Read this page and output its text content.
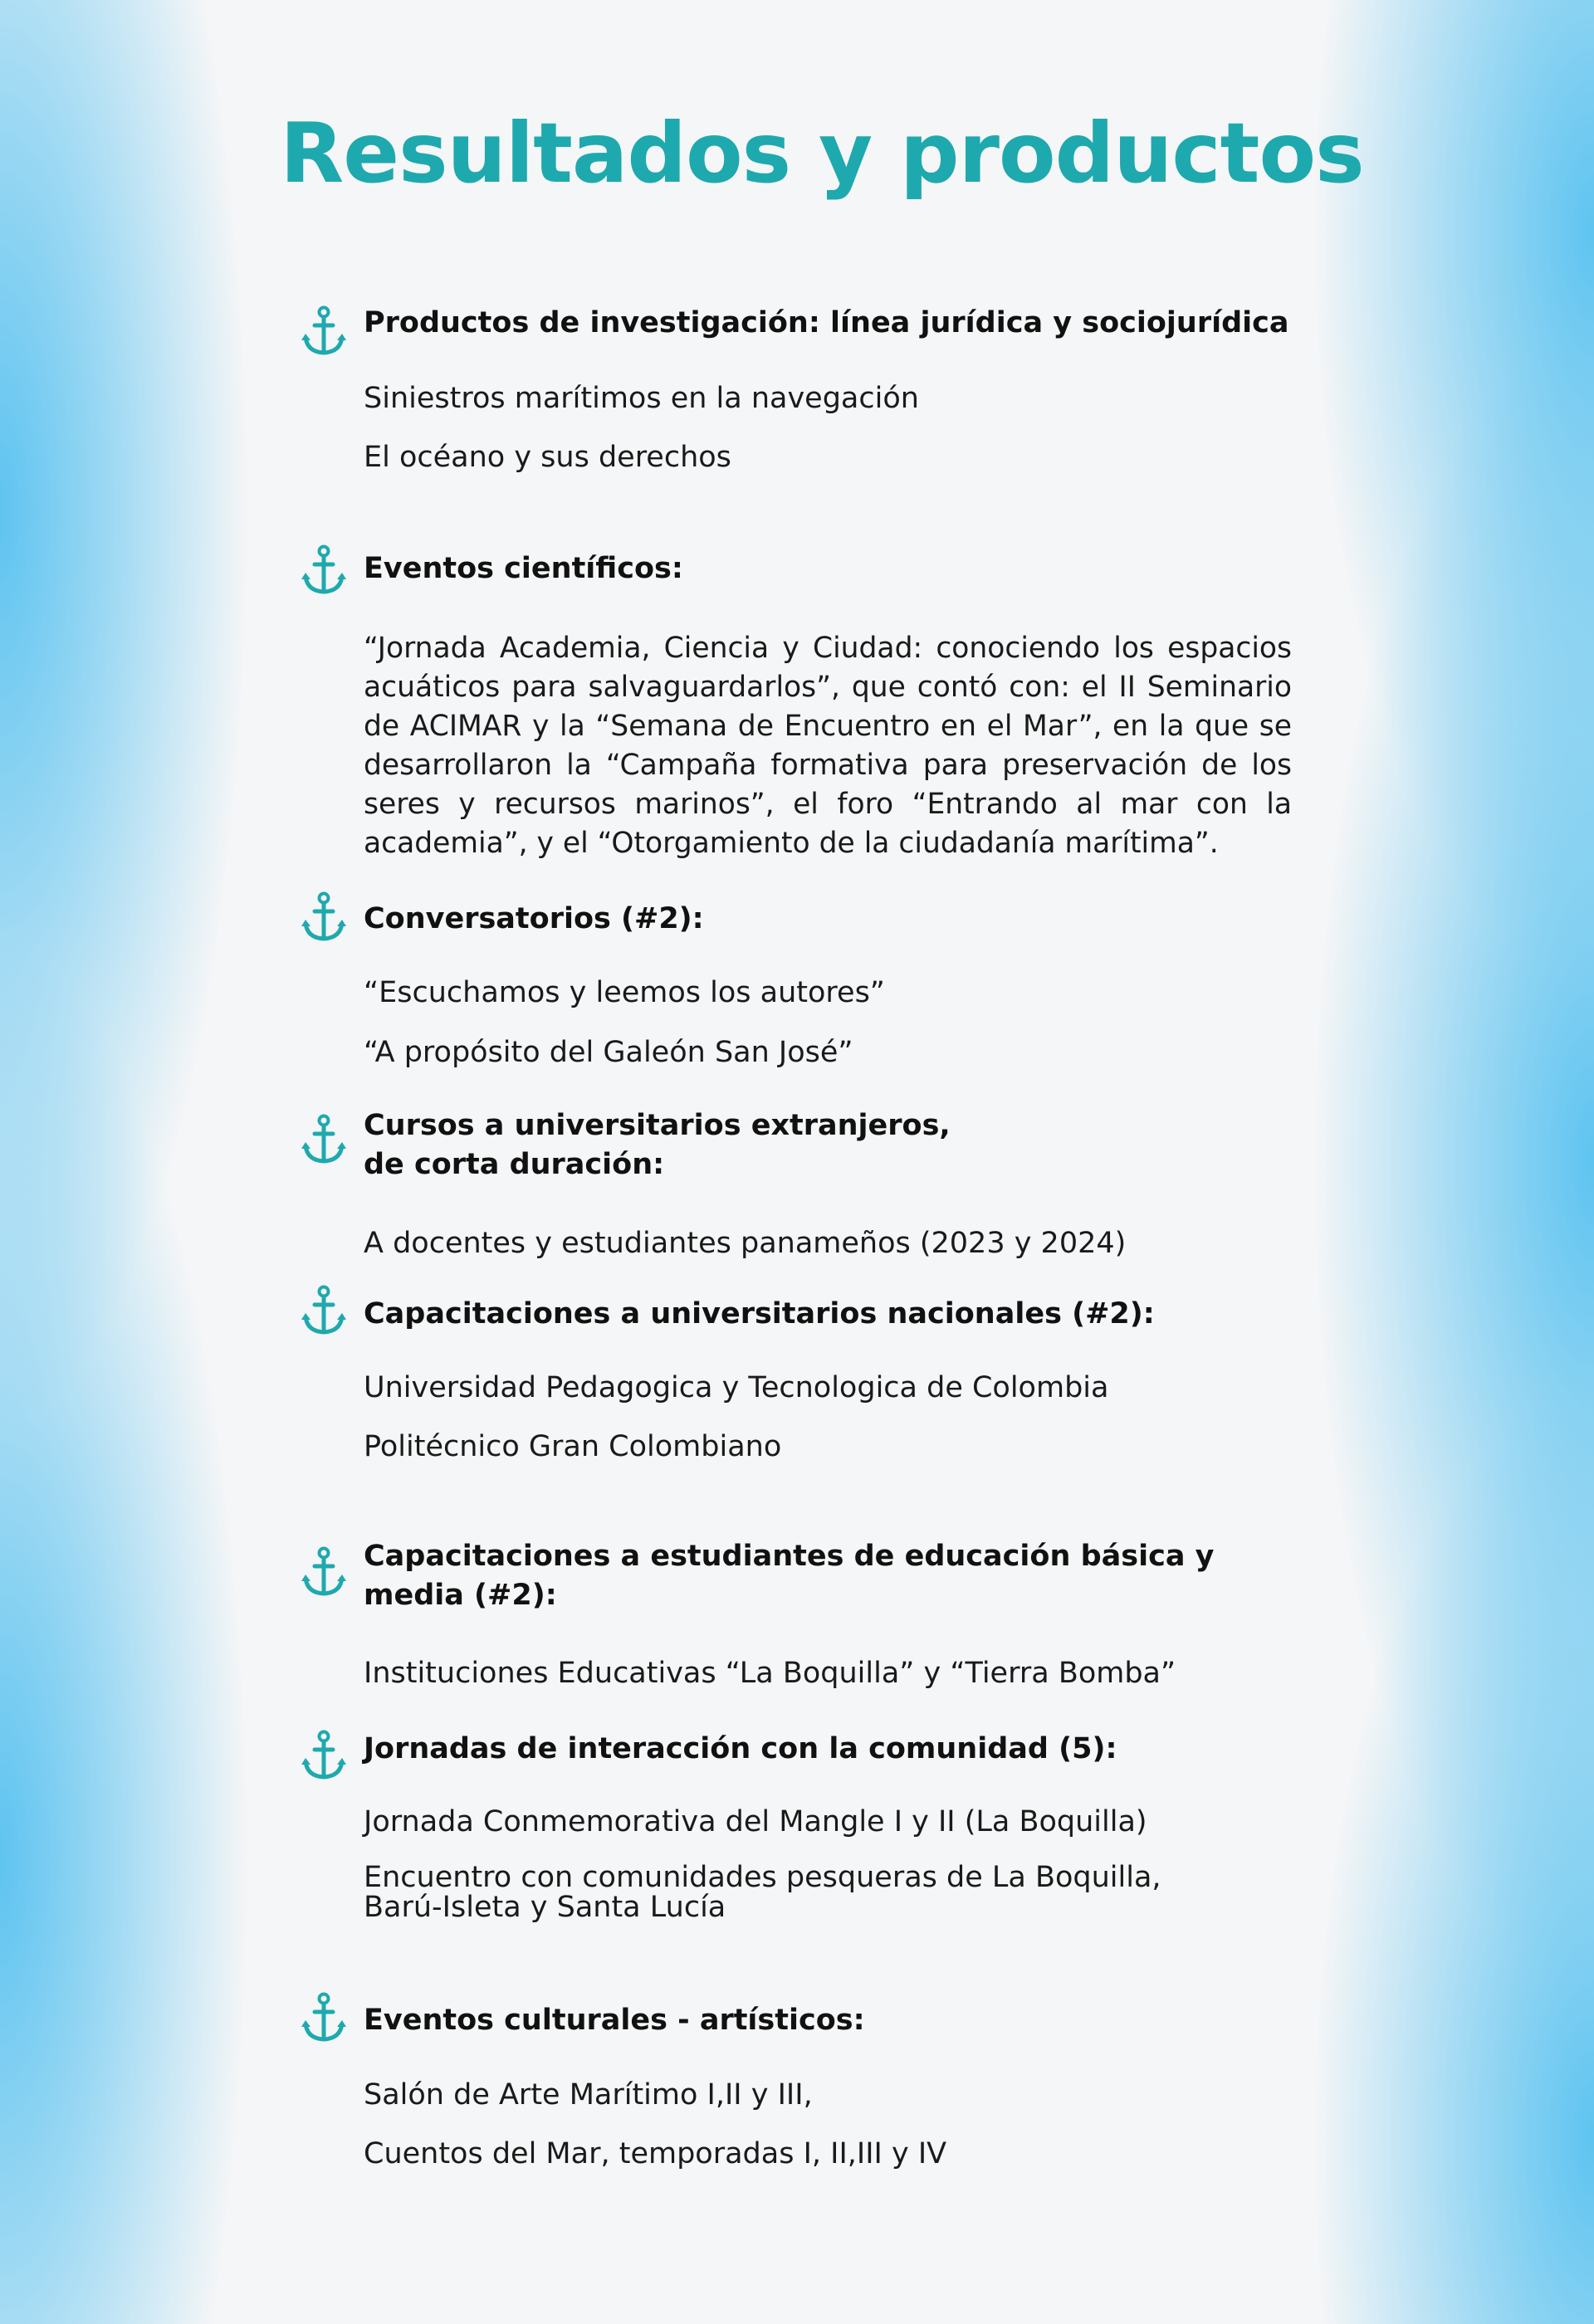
Resultados y productos
Productos de investigación: línea jurídica y sociojurídica
Siniestros marítimos en la navegación
El océano y sus derechos
Eventos científicos:
“Jornada Academia, Ciencia y Ciudad: conociendo los espacios acuáticos para salvaguardarlos”, que contó con: el II Seminario de ACIMAR y la “Semana de Encuentro en el Mar”, en la que se desarrollaron la “Campaña formativa para preservación de los seres y recursos marinos”, el foro “Entrando al mar con la academia”, y el “Otorgamiento de la ciudadanía marítima”.
Conversatorios (#2):
“Escuchamos y leemos los autores”
“A propósito del Galeón San José”
Cursos a universitarios extranjeros,
de corta duración:
A docentes y estudiantes panameños (2023 y 2024)
Capacitaciones a universitarios nacionales (#2):
Universidad Pedagogica y Tecnologica de Colombia
Politécnico Gran Colombiano
Capacitaciones a estudiantes de educación básica y
media (#2):
Instituciones Educativas “La Boquilla” y “Tierra Bomba”
Jornadas de interacción con la comunidad (5):
Jornada Conmemorativa del Mangle I y II (La Boquilla)
Encuentro con comunidades pesqueras de La Boquilla,
Barú-Isleta y Santa Lucía
Eventos culturales - artísticos:
Salón de Arte Marítimo I,II y III,
Cuentos del Mar, temporadas I, II,III y IV
